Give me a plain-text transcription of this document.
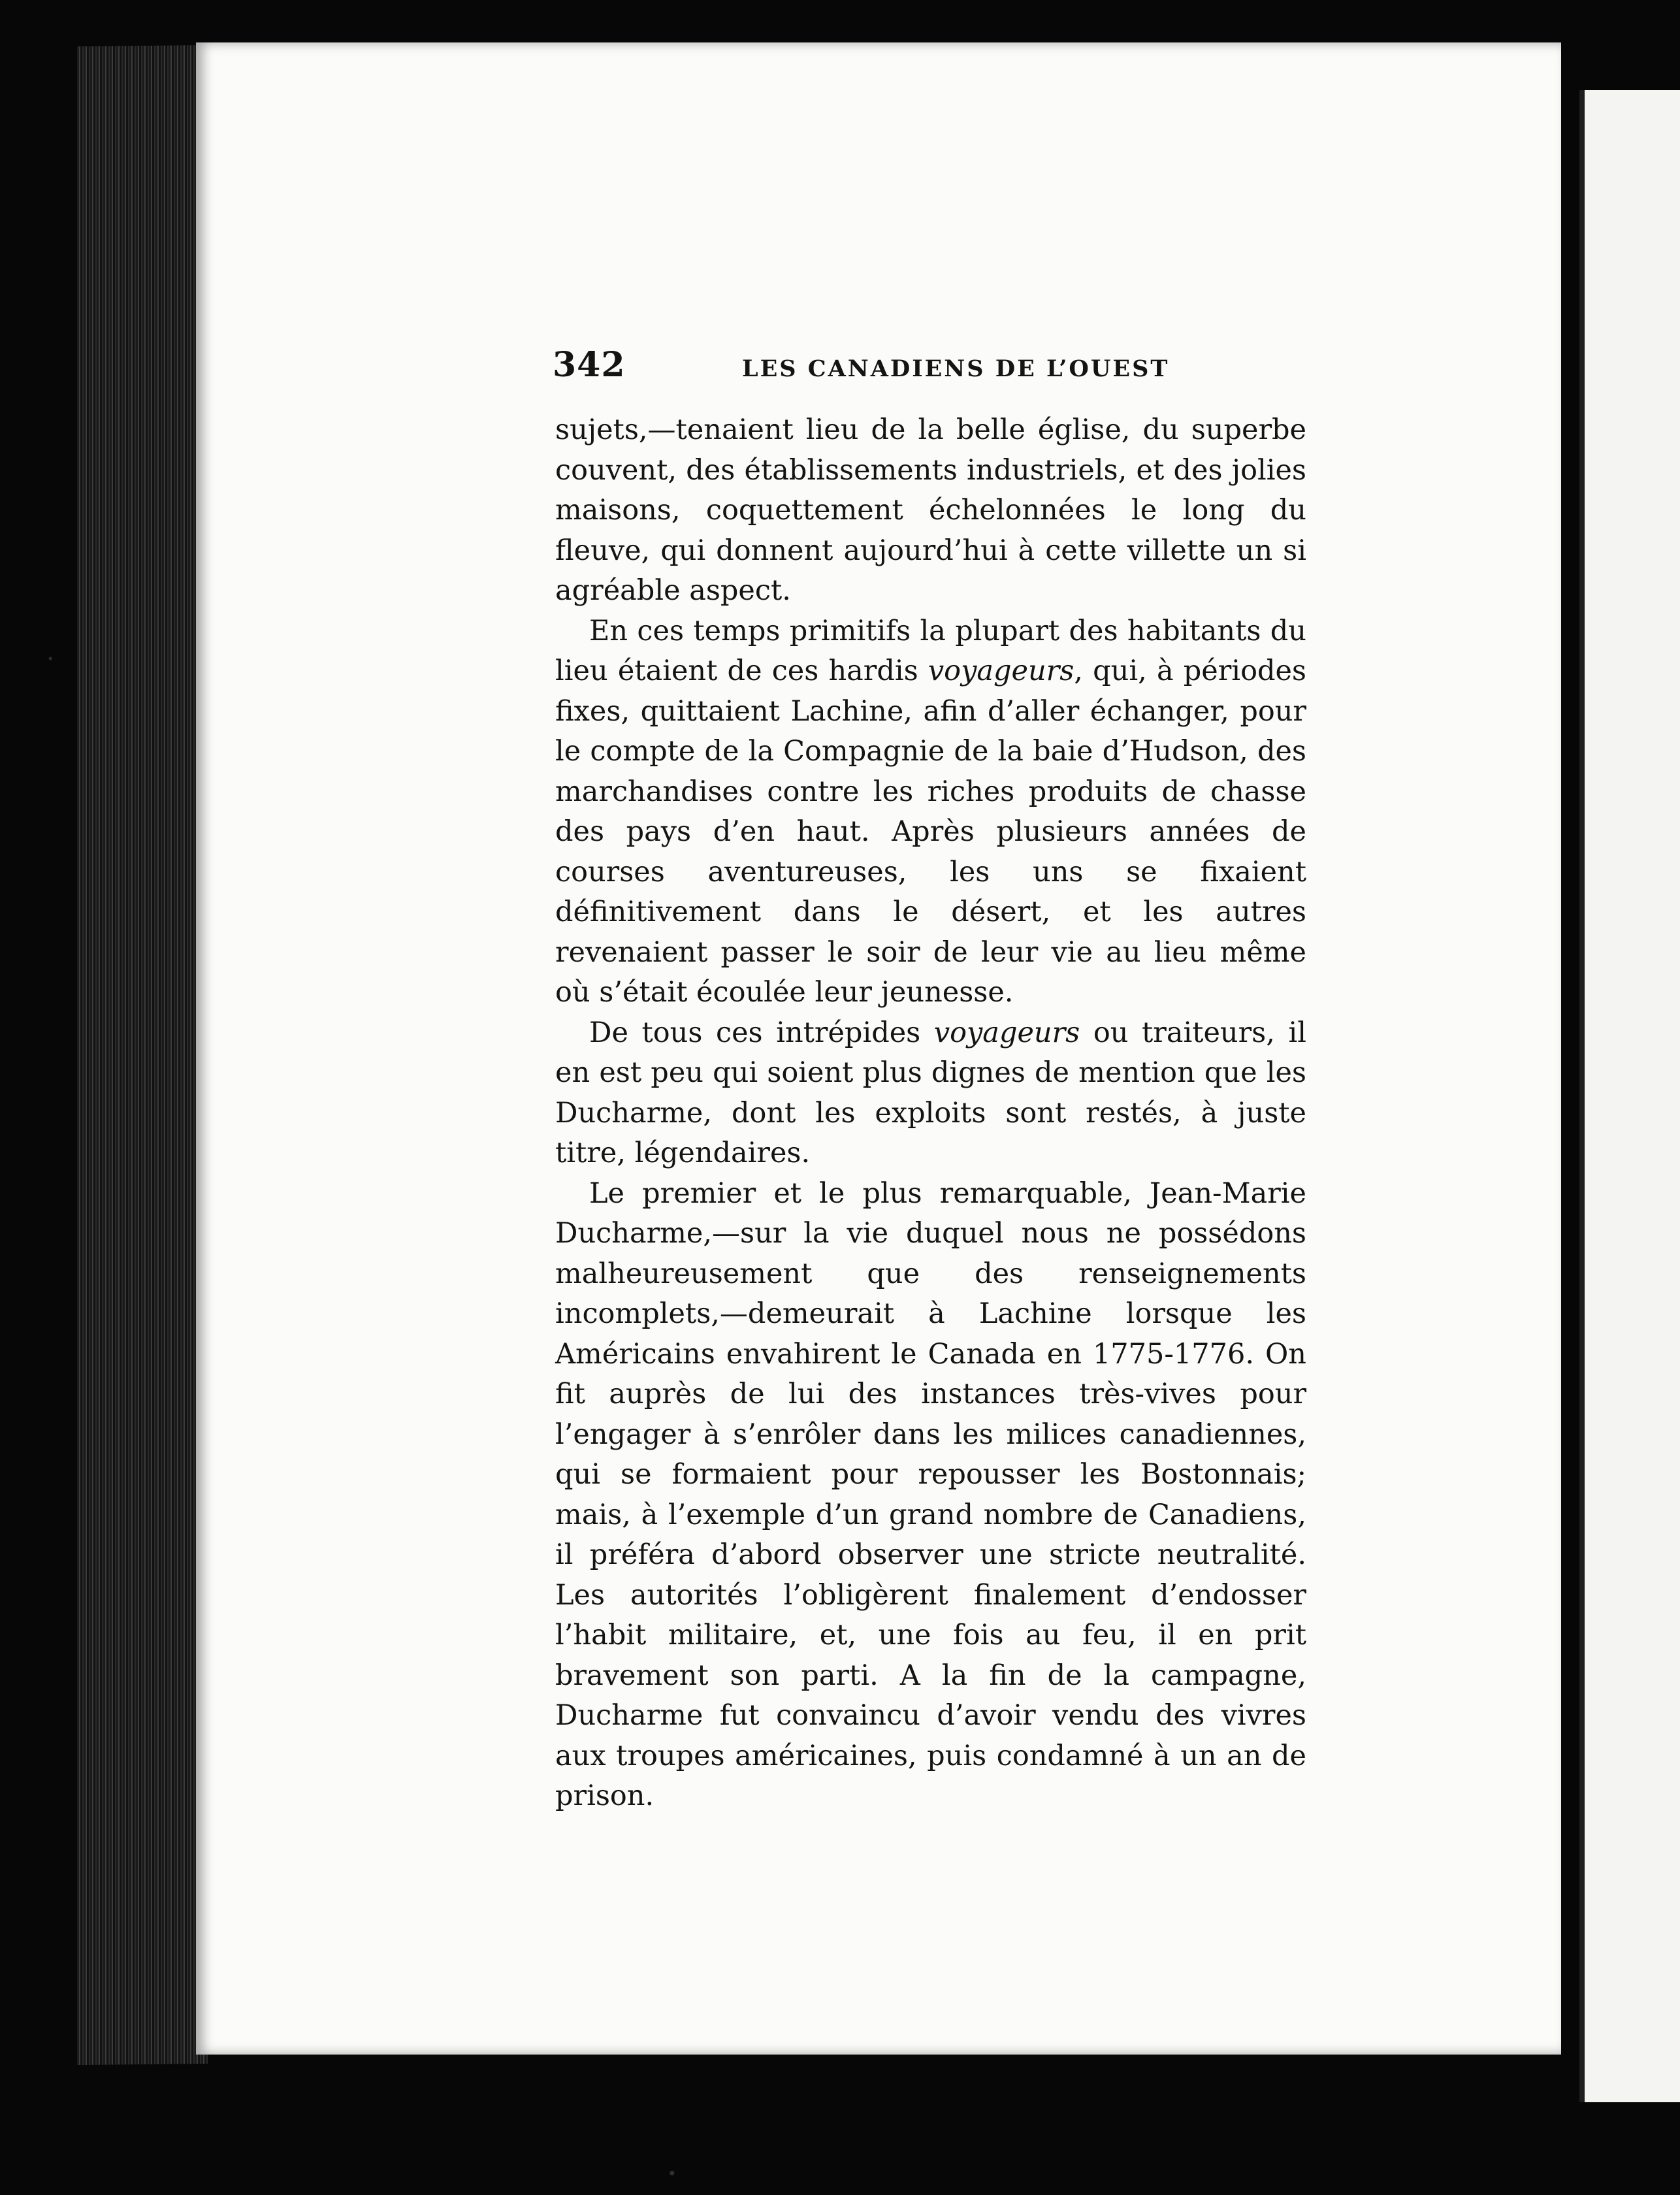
342	LES CANADIENS DE L’OUEST

sujets,—tenaient lieu de la belle église, du superbe couvent, des établissements industriels, et des jolies maisons, coquettement échelonnées le long du fleuve, qui donnent aujourd’hui à cette villette un si agréable aspect.

En ces temps primitifs la plupart des habitants du lieu étaient de ces hardis voyageurs, qui, à périodes fixes, quittaient Lachine, afin d’aller échanger, pour le compte de la Compagnie de la baie d’Hudson, des marchandises contre les riches produits de chasse des pays d’en haut. Après plusieurs années de courses aventureuses, les uns se fixaient définitivement dans le désert, et les autres revenaient passer le soir de leur vie au lieu même où s’était écoulée leur jeunesse.

De tous ces intrépides voyageurs ou traiteurs, il en est peu qui soient plus dignes de mention que les Ducharme, dont les exploits sont restés, à juste titre, légendaires.

Le premier et le plus remarquable, Jean-Marie Ducharme,—sur la vie duquel nous ne possédons malheureusement que des renseignements incomplets,—demeurait à Lachine lorsque les Américains envahirent le Canada en 1775-1776. On fit auprès de lui des instances très-vives pour l’engager à s’enrôler dans les milices canadiennes, qui se formaient pour repousser les Bostonnais; mais, à l’exemple d’un grand nombre de Canadiens, il préféra d’abord observer une stricte neutralité. Les autorités l’obligèrent finalement d’endosser l’habit militaire, et, une fois au feu, il en prit bravement son parti. A la fin de la campagne, Ducharme fut convaincu d’avoir vendu des vivres aux troupes américaines, puis condamné à un an de prison.
